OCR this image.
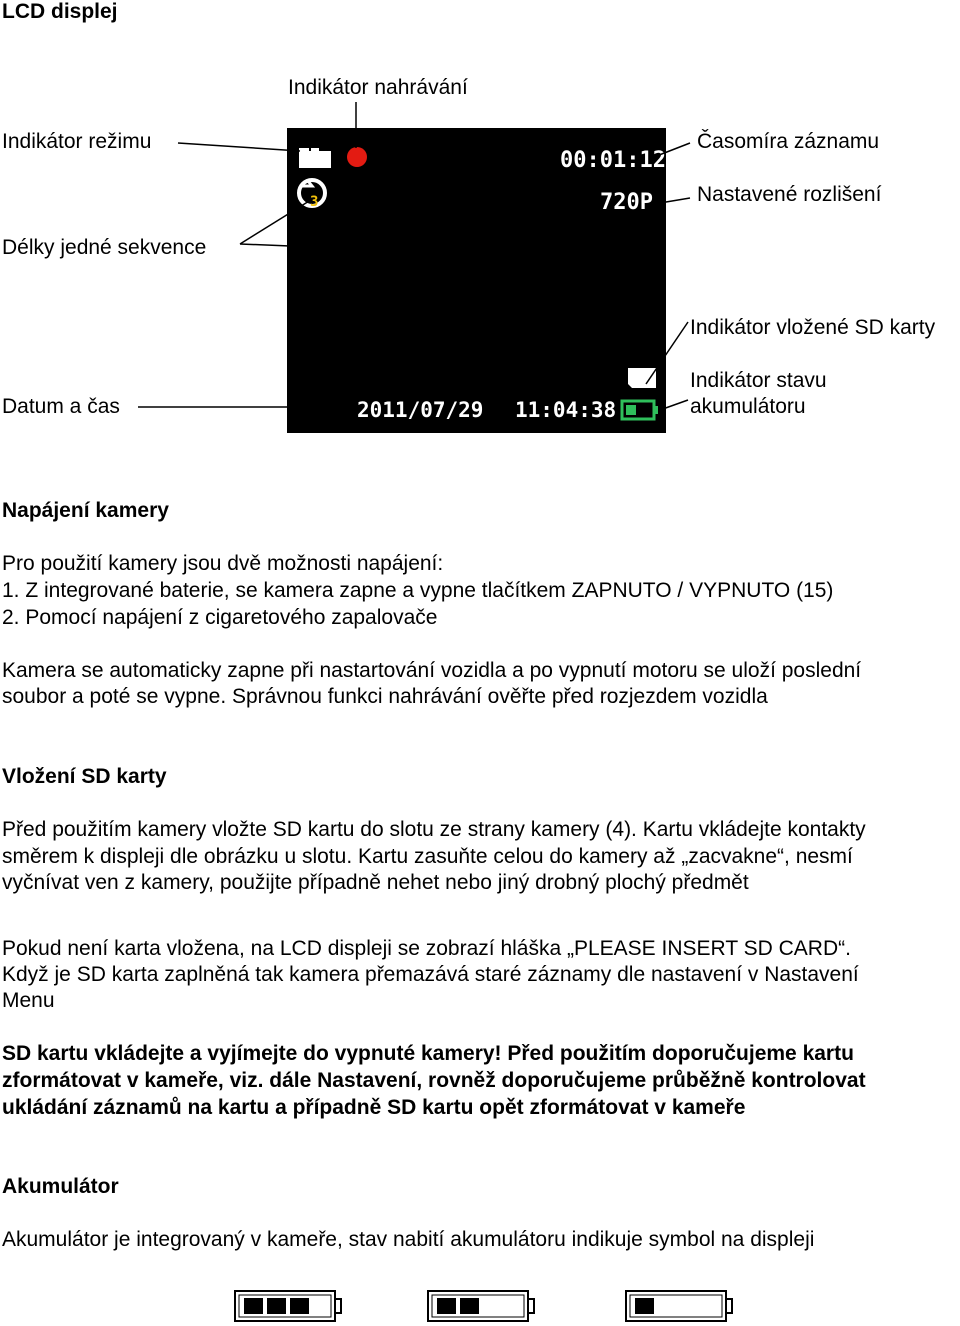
LCD displej
Indikátor nahrávání
Indikátor režimu	Časomíra záznamu
Nastavené rozlišení
Délky jedné sekvence
Indikátor vložené SD karty
Indikátor stavu
akumulátoru
Datum a čas
3
00:01:12
720P
2011/07/29 11:04:38
Napájení kamery
Pro použití kamery jsou dvě možnosti napájení:
1. Z integrované baterie, se kamera zapne a vypne tlačítkem ZAPNUTO / VYPNUTO (15)
2. Pomocí napájení z cigaretového zapalovače
Kamera se automaticky zapne při nastartování vozidla a po vypnutí motoru se uloží poslední
soubor a poté se vypne. Správnou funkci nahrávání ověřte před rozjezdem vozidla
Vložení SD karty
Před použitím kamery vložte SD kartu do slotu ze strany kamery (4). Kartu vkládejte kontakty
směrem k displeji dle obrázku u slotu. Kartu zasuňte celou do kamery až „zacvakne“, nesmí
vyčnívat ven z kamery, použijte případně nehet nebo jiný drobný plochý předmět
Pokud není karta vložena, na LCD displeji se zobrazí hláška „PLEASE INSERT SD CARD“.
Když je SD karta zaplněná tak kamera přemazává staré záznamy dle nastavení v Nastavení
Menu
SD kartu vkládejte a vyjímejte do vypnuté kamery! Před použitím doporučujeme kartu
zformátovat v kameře, viz. dále Nastavení, rovněž doporučujeme průběžně kontrolovat
ukládání záznamů na kartu a případně SD kartu opět zformátovat v kameře
Akumulátor
Akumulátor je integrovaný v kameře, stav nabití akumulátoru indikuje symbol na displeji
